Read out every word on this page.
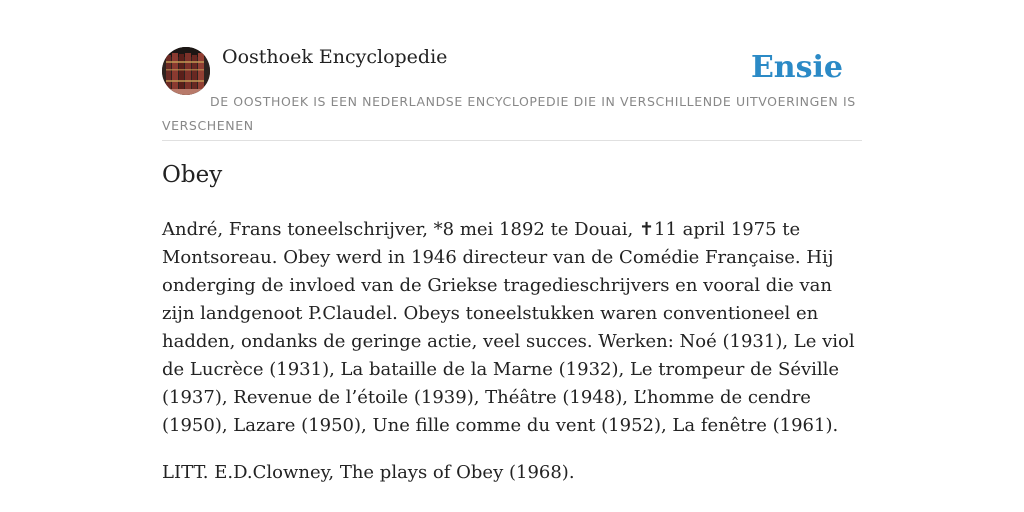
Oosthoek Encyclopedie	Ensie
DE OOSTHOEK IS EEN NEDERLANDSE ENCYCLOPEDIE DIE IN VERSCHILLENDE UITVOERINGEN IS VERSCHENEN
Obey

André, Frans toneelschrijver, *8 mei 1892 te Douai, ✝11 april 1975 te Montsoreau. Obey werd in 1946 directeur van de Comédie Française. Hij onderging de invloed van de Griekse tragedieschrijvers en vooral die van zijn landgenoot P.Claudel. Obeys toneelstukken waren conventioneel en hadden, ondanks de geringe actie, veel succes. Werken: Noé (1931), Le viol de Lucrèce (1931), La bataille de la Marne (1932), Le trompeur de Séville (1937), Revenue de l’étoile (1939), Théâtre (1948), L’homme de cendre (1950), Lazare (1950), Une fille comme du vent (1952), La fenêtre (1961).

LITT. E.D.Clowney, The plays of Obey (1968).
